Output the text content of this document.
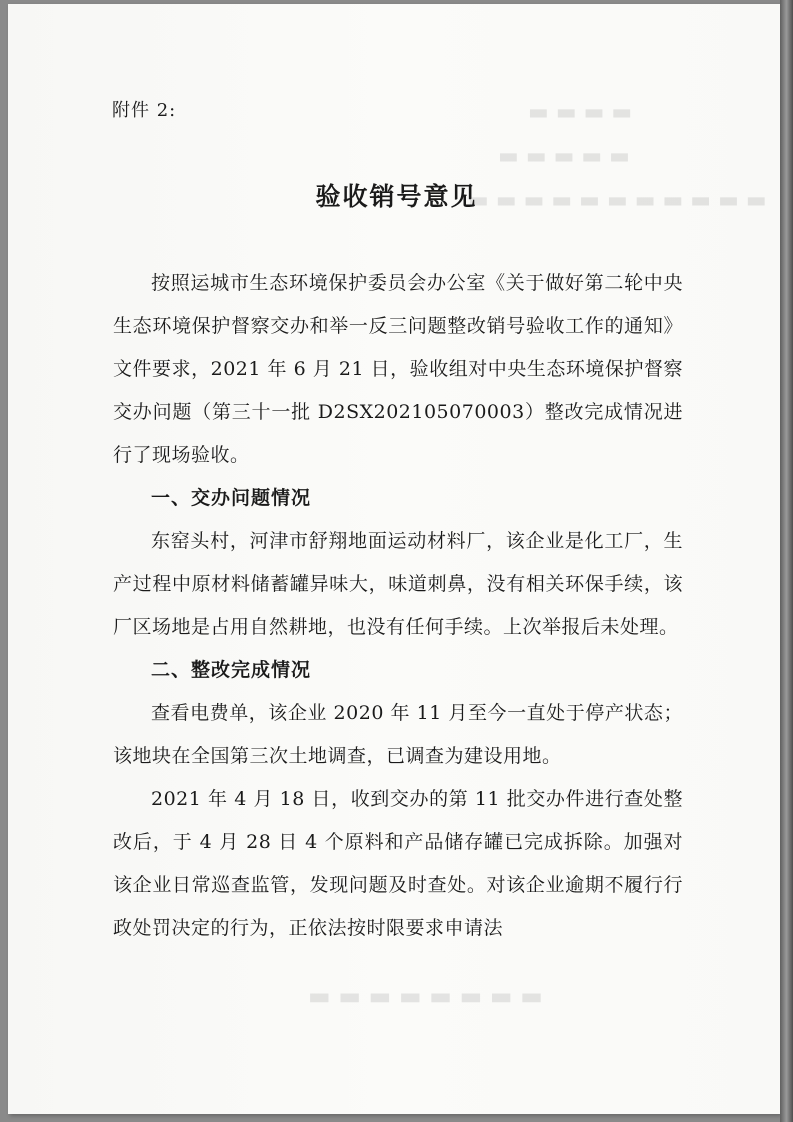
▬ ▬ ▬ ▬
▬ ▬ ▬ ▬ ▬
▬ ▬ ▬ ▬ ▬ ▬ ▬ ▬ ▬ ▬ ▬
▬ ▬ ▬ ▬ ▬ ▬ ▬ ▬
附件 2:
验收销号意见

按照运城市生态环境保护委员会办公室《关于做好第二轮中央生态环境保护督察交办和举一反三问题整改销号验收工作的通知》文件要求，2021 年 6 月 21 日，验收组对中央生态环境保护督察交办问题（第三十一批 D2SX202105070003）整改完成情况进行了现场验收。

一、交办问题情况

东窑头村，河津市舒翔地面运动材料厂，该企业是化工厂，生产过程中原材料储蓄罐异味大，味道刺鼻，没有相关环保手续，该厂区场地是占用自然耕地，也没有任何手续。上次举报后未处理。

二、整改完成情况

查看电费单，该企业 2020 年 11 月至今一直处于停产状态；该地块在全国第三次土地调查，已调查为建设用地。

2021 年 4 月 18 日，收到交办的第 11 批交办件进行查处整改后，于 4 月 28 日 4 个原料和产品储存罐已完成拆除。加强对该企业日常巡查监管，发现问题及时查处。对该企业逾期不履行行政处罚决定的行为，正依法按时限要求申请法
